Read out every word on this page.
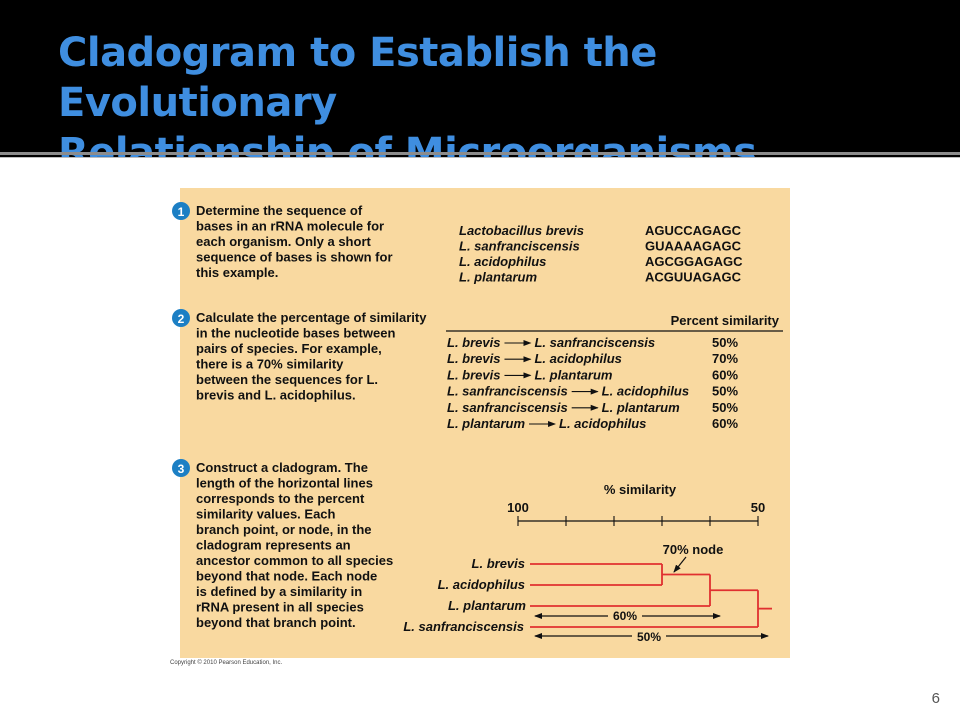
Cladogram to Establish the Evolutionary
1 Determine the sequence of
bases in an rRNA molecule for
each organism. Only a short
sequence of bases is shown for
this example.
2 Calculate the percentage of similarity
in the nucleotide bases between
pairs of species. For example,
there is a 70% similarity
between the sequences for L.
brevis and L. acidophilus.
3 Construct a cladogram. The
length of the horizontal lines
corresponds to the percent
similarity values. Each
branch point, or node, in the
cladogram represents an
ancestor common to all species
beyond that node. Each node
is defined by a similarity in
rRNA present in all species
beyond that branch point.
Lactobacillus brevis	AGUCCAGAGC
L. sanfranciscensis	GUAAAAGAGC
L. acidophilus	AGCGGAGAGC
L. plantarum	ACGUUAGAGC
Percent similarity
L. brevis	L. sanfranciscensis	50%
L. brevis	L. acidophilus	70%
L. brevis	L. plantarum	60%
L. sanfranciscensis	L. acidophilus 50%
L. sanfranciscensis	L. plantarum 50%
L. plantarum	L. acidophilus	60%
% similarity
100	50
L. brevis
L. acidophilus
L. plantarum
L. sanfranciscensis
70% node
60%
50%
Copyright © 2010 Pearson Education, Inc.
6
